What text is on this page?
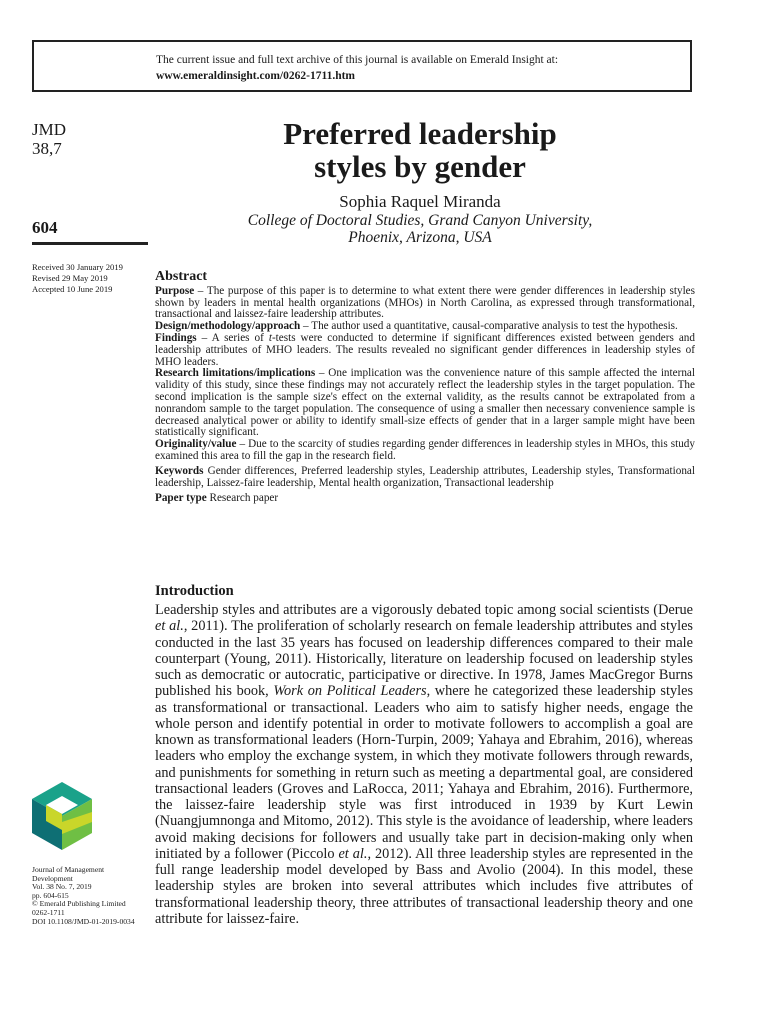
The current issue and full text archive of this journal is available on Emerald Insight at:
www.emeraldinsight.com/0262-1711.htm
JMD
38,7
604
Received 30 January 2019
Revised 29 May 2019
Accepted 10 June 2019
Preferred leadership
styles by gender
Sophia Raquel Miranda
College of Doctoral Studies, Grand Canyon University,
Phoenix, Arizona, USA
Abstract

Purpose – The purpose of this paper is to determine to what extent there were gender differences in leadership styles shown by leaders in mental health organizations (MHOs) in North Carolina, as expressed through transformational, transactional and laissez-faire leadership attributes.

Design/methodology/approach – The author used a quantitative, causal-comparative analysis to test the hypothesis.

Findings – A series of t-tests were conducted to determine if significant differences existed between genders and leadership attributes of MHO leaders. The results revealed no significant gender differences in leadership styles of MHO leaders.

Research limitations/implications – One implication was the convenience nature of this sample affected the internal validity of this study, since these findings may not accurately reflect the leadership styles in the target population. The second implication is the sample size's effect on the external validity, as the results cannot be extrapolated from a nonrandom sample to the target population. The consequence of using a smaller then necessary convenience sample is decreased analytical power or ability to identify small-size effects of gender that in a larger sample might have been statistically significant.

Originality/value – Due to the scarcity of studies regarding gender differences in leadership styles in MHOs, this study examined this area to fill the gap in the research field.

Keywords Gender differences, Preferred leadership styles, Leadership attributes, Leadership styles, Transformational leadership, Laissez-faire leadership, Mental health organization, Transactional leadership

Paper type Research paper

Introduction

Leadership styles and attributes are a vigorously debated topic among social scientists (Derue et al., 2011). The proliferation of scholarly research on female leadership attributes and styles conducted in the last 35 years has focused on leadership differences compared to their male counterpart (Young, 2011). Historically, literature on leadership focused on leadership styles such as democratic or autocratic, participative or directive. In 1978, James MacGregor Burns published his book, Work on Political Leaders, where he categorized these leadership styles as transformational or transactional. Leaders who aim to satisfy higher needs, engage the whole person and identify potential in order to motivate followers to accomplish a goal are known as transformational leaders (Horn-Turpin, 2009; Yahaya and Ebrahim, 2016), whereas leaders who employ the exchange system, in which they motivate followers through rewards, and punishments for something in return such as meeting a departmental goal, are considered transactional leaders (Groves and LaRocca, 2011; Yahaya and Ebrahim, 2016). Furthermore, the laissez-faire leadership style was first introduced in 1939 by Kurt Lewin (Nuangjumnonga and Mitomo, 2012). This style is the avoidance of leadership, where leaders avoid making decisions for followers and usually take part in decision-making only when initiated by a follower (Piccolo et al., 2012). All three leadership styles are represented in the full range leadership model developed by Bass and Avolio (2004). In this model, these leadership styles are broken into several attributes which includes five attributes of transformational leadership theory, three attributes of transactional leadership theory and one attribute for laissez-faire.

Journal of Management
Development
Vol. 38 No. 7, 2019
pp. 604-615
© Emerald Publishing Limited
0262-1711
DOI 10.1108/JMD-01-2019-0034
